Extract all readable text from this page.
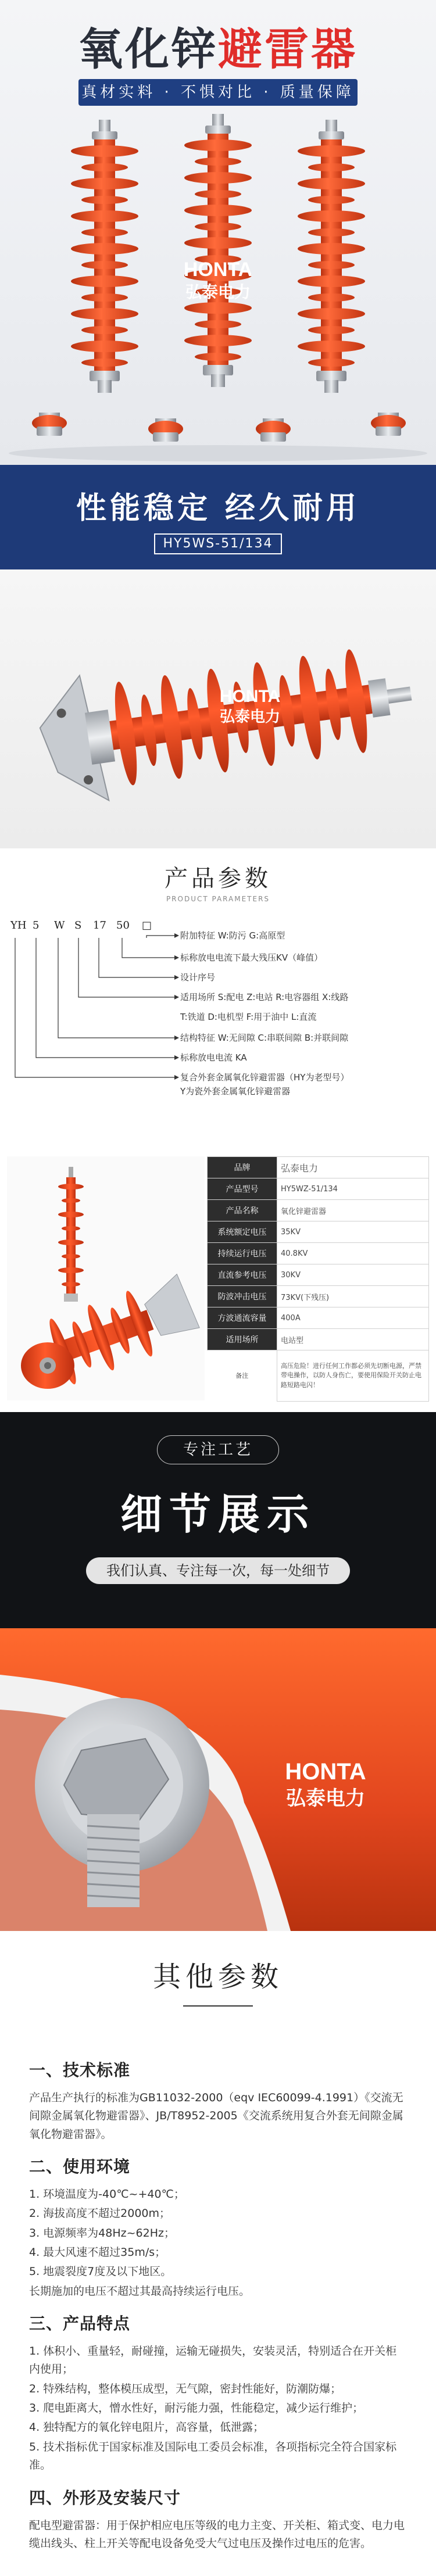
氧化锌避雷器
真材实料 · 不惧对比 · 质量保障
HONTA
弘泰电力
性能稳定 经久耐用
HY5WS-51/134
HONTA
弘泰电力
产品参数
PRODUCT PARAMETERS
YH 5 W S 17 50 □
附加特征 W:防污 G:高原型
标称放电电流下最大残压KV（峰值）
设计序号
适用场所 S:配电 Z:电站 R:电容器组 X:线路
T:铁道 D:电机型 F:用于油中 L:直流
结构特征 W:无间隙 C:串联间隙 B:并联间隙
标称放电电流 KA
复合外套金属氧化锌避雷器（HY为老型号）
Y为瓷外套金属氧化锌避雷器
品牌	弘泰电力
产品型号	HY5WZ-51/134
产品名称	氧化锌避雷器
系统额定电压	35KV
持续运行电压	40.8KV
直流参考电压	30KV
防波冲击电压	73KV(下残压)
方波通流容量	400A
适用场所	电站型
备注	高压危险！进行任何工作都必须先切断电源，严禁带电操作，以防人身伤亡，要使用保险开关防止电路短路电闪！
专注工艺
细节展示
我们认真、专注每一次，每一处细节
HONTA
弘泰电力
其他参数
一、技术标准

产品生产执行的标准为GB11032-2000（eqv IEC60099-4.1991）《交流无间隙金属氧化物避雷器》、JB/T8952-2005《交流系统用复合外套无间隙金属氧化物避雷器》。

二、使用环境

1. 环境温度为-40℃~+40℃；

2. 海拔高度不超过2000m；

3. 电源频率为48Hz~62Hz；

4. 最大风速不超过35m/s；

5. 地震裂度7度及以下地区。

长期施加的电压不超过其最高持续运行电压。

三、产品特点

1. 体积小、重量轻，耐碰撞，运输无碰损失，安装灵活，特别适合在开关柜内使用；

2. 特殊结构，整体模压成型，无气隙，密封性能好，防潮防爆；

3. 爬电距离大，憎水性好，耐污能力强，性能稳定，减少运行维护；

4. 独特配方的氧化锌电阻片，高容量，低泄露；

5. 技术指标优于国家标准及国际电工委员会标准，各项指标完全符合国家标准。

四、外形及安装尺寸

配电型避雷器：用于保护相应电压等级的电力主变、开关柜、箱式变、电力电缆出线头、柱上开关等配电设备免受大气过电压及操作过电压的危害。
